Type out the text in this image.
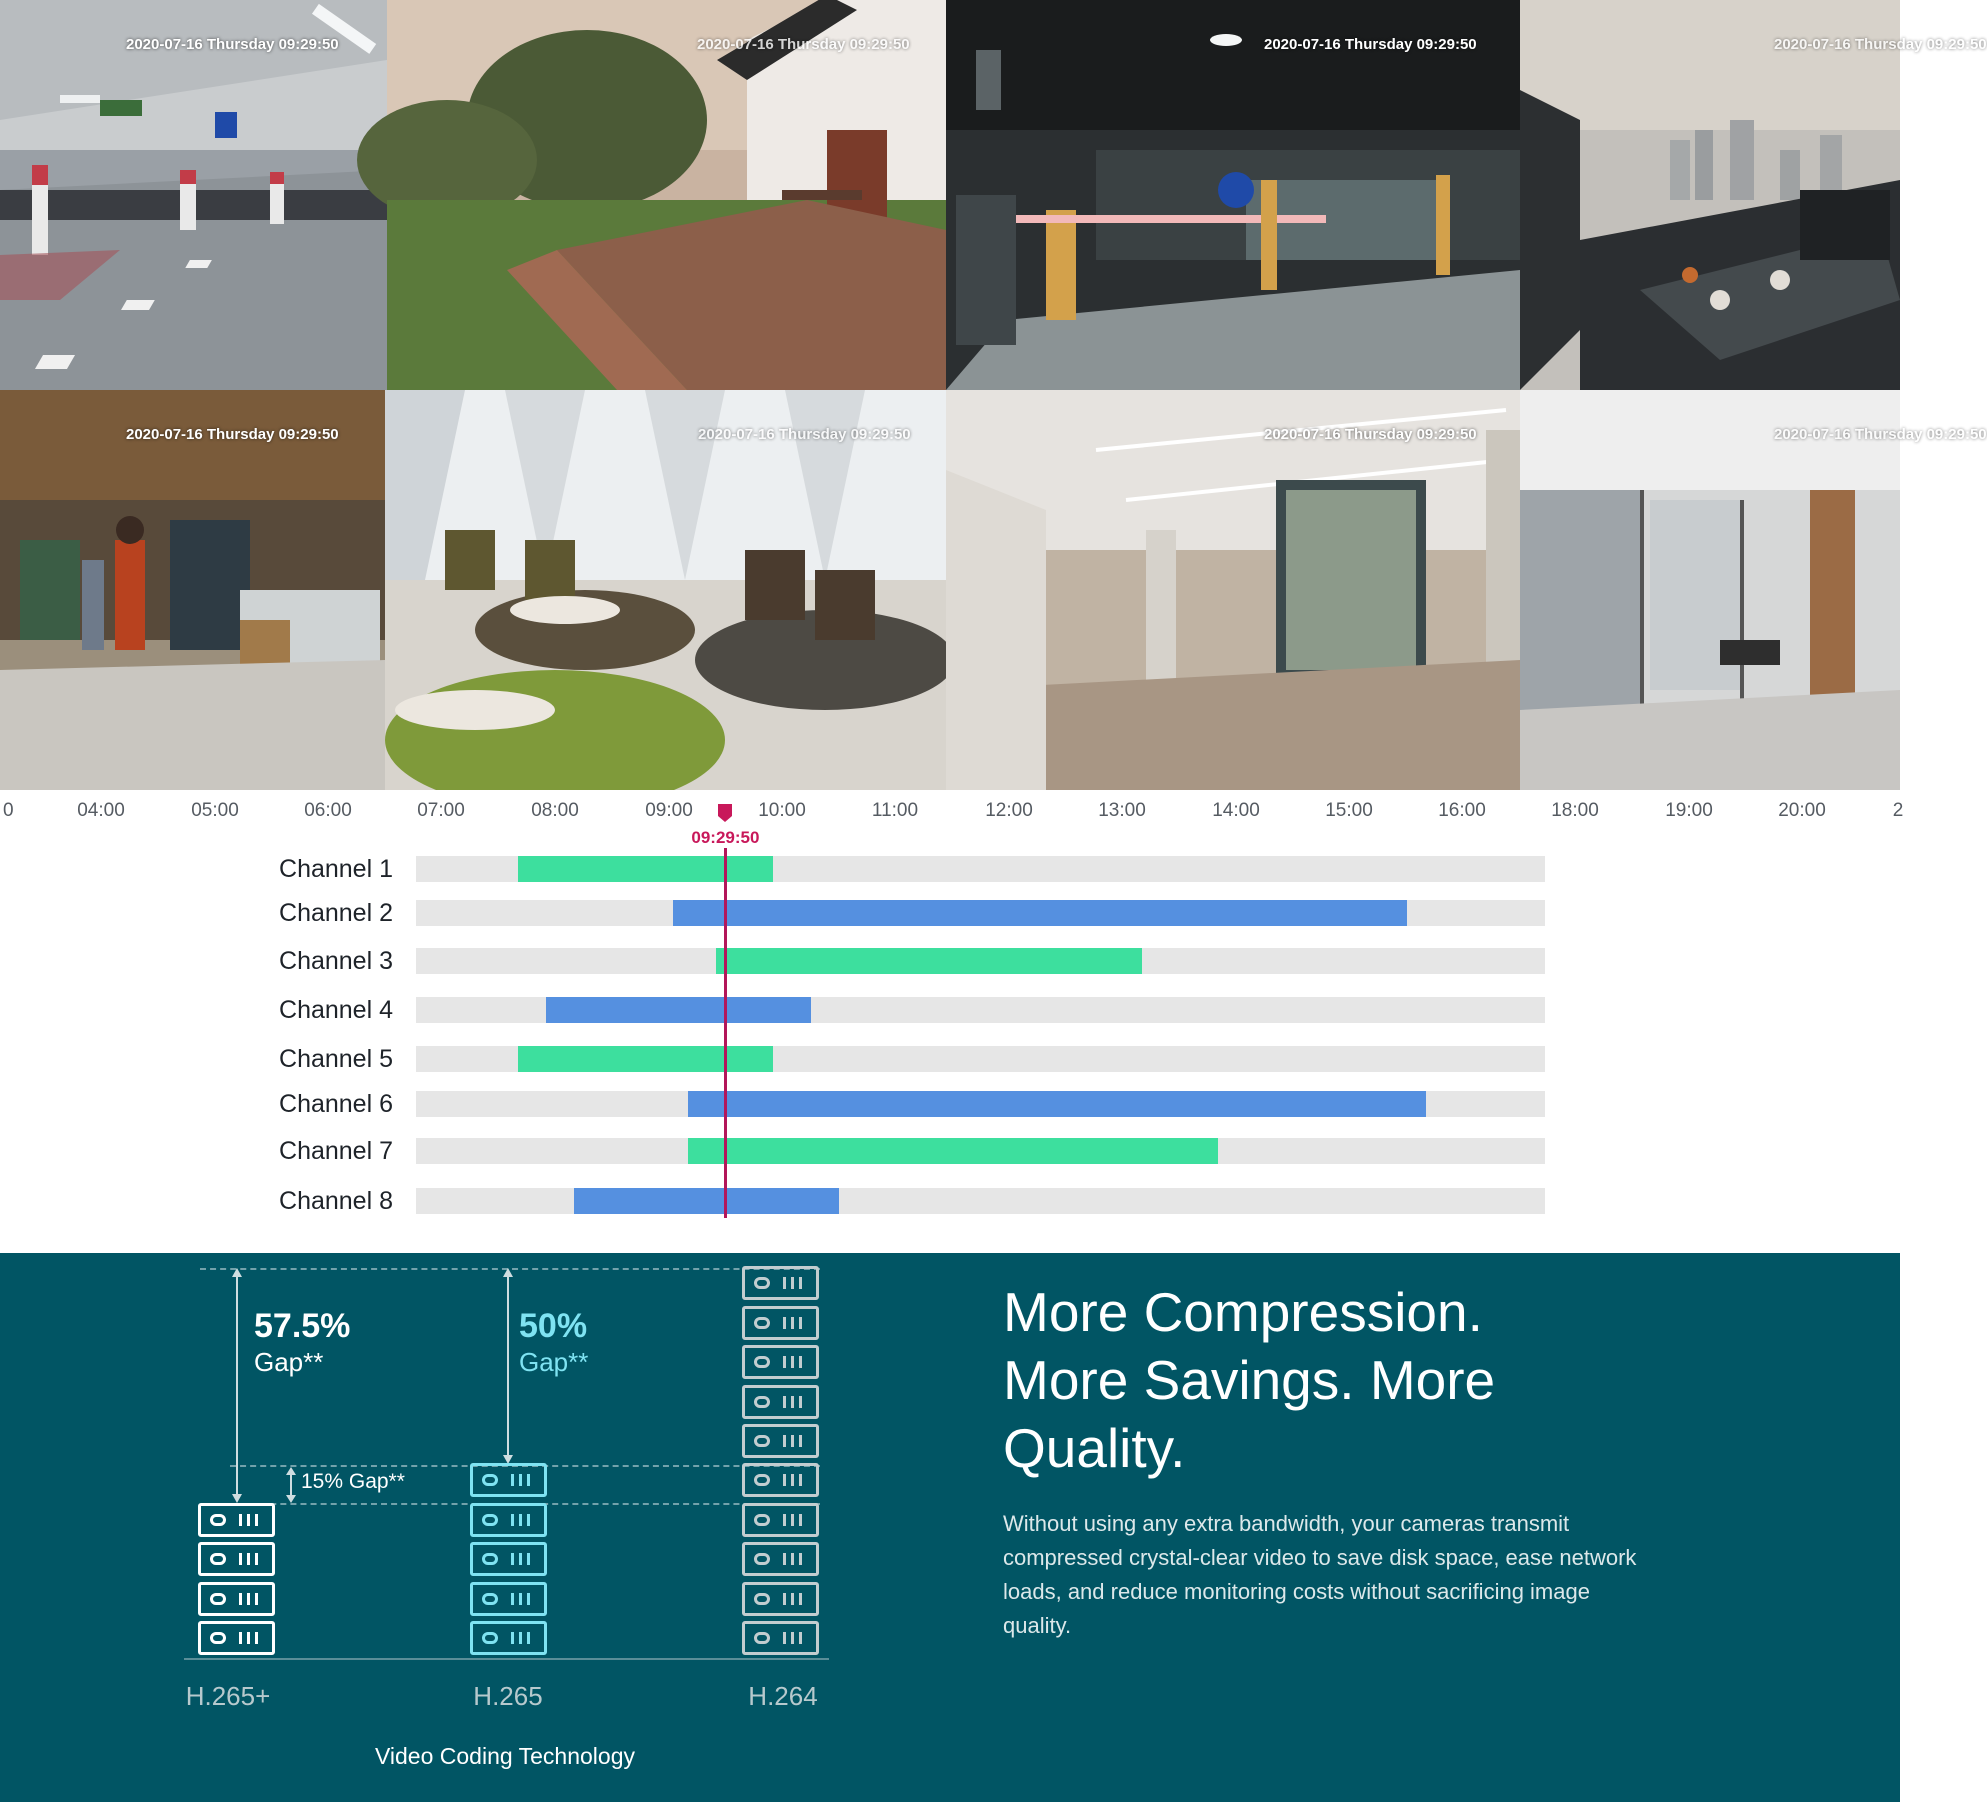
2020-07-16 Thursday 09:29:50	2020-07-16 Thursday 09:29:50	2020-07-16 Thursday 09:29:50	2020-07-16 Thursday 09:29:50
2020-07-16 Thursday 09:29:50	2020-07-16 Thursday 09:29:50	2020-07-16 Thursday 09:29:50	2020-07-16 Thursday 09:29:50
0	04:00	05:00	06:00	07:00	08:00	09:00	10:00	11:00	12:00	13:00	14:00	15:00	16:00	18:00	19:00	20:00	2
09:29:50
Channel 1
Channel 2
Channel 3
Channel 4
Channel 5
Channel 6
Channel 7
Channel 8
57.5%
Gap**
50%
Gap**
15% Gap**
H.265+	H.265	H.264
Video Coding Technology
More Compression. More Savings. More Quality.

Without using any extra bandwidth, your cameras transmit compressed crystal-clear video to save disk space, ease network loads, and reduce monitoring costs without sacrificing image quality.
